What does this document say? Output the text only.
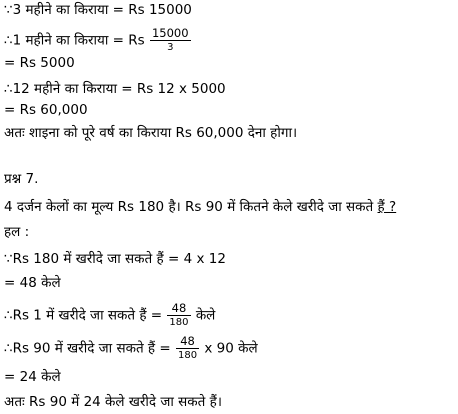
∵3 महीने का किराया = Rs 15000
∴1 महीने का किराया = Rs $\frac{15000}{3}$
= Rs 5000
∴12 महीने का किराया = Rs 12 x 5000
= Rs 60,000
अतः शाइना को पूरे वर्ष का किराया Rs 60,000 देना होगा।
प्रश्न 7.
4 दर्जन केलों का मूल्य Rs 180 है। Rs 90 में कितने केले खरीदे जा सकते हैं ?
हल :
∵Rs 180 में खरीदे जा सकते हैं = 4 x 12
= 48 केले
∴Rs 1 में खरीदे जा सकते हैं = $\frac{48}{180}$ केले
∴Rs 90 में खरीदे जा सकते हैं = $\frac{48}{180}$ x 90 केले
= 24 केले
अतः Rs 90 में 24 केले खरीदे जा सकते हैं।
